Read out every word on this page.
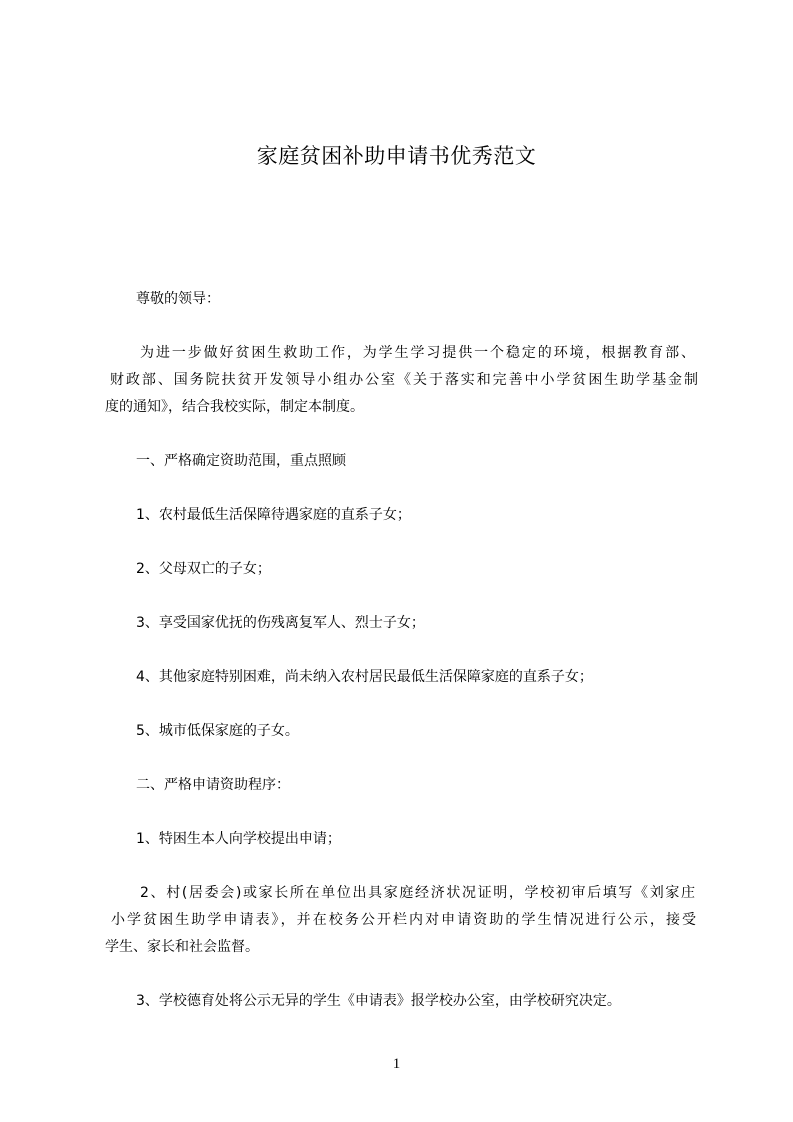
家庭贫困补助申请书优秀范文
尊敬的领导：
为进一步做好贫困生救助工作，为学生学习提供一个稳定的环境，根据教育部、
财政部、国务院扶贫开发领导小组办公室《关于落实和完善中小学贫困生助学基金制
度的通知》，结合我校实际，制定本制度。
一、严格确定资助范围，重点照顾
1、农村最低生活保障待遇家庭的直系子女；
2、父母双亡的子女；
3、享受国家优抚的伤残离复军人、烈士子女；
4、其他家庭特别困难，尚未纳入农村居民最低生活保障家庭的直系子女；
5、城市低保家庭的子女。
二、严格申请资助程序：
1、特困生本人向学校提出申请；
2、村(居委会)或家长所在单位出具家庭经济状况证明，学校初审后填写《刘家庄
小学贫困生助学申请表》，并在校务公开栏内对申请资助的学生情况进行公示，接受
学生、家长和社会监督。
3、学校德育处将公示无异的学生《申请表》报学校办公室，由学校研究决定。
1
